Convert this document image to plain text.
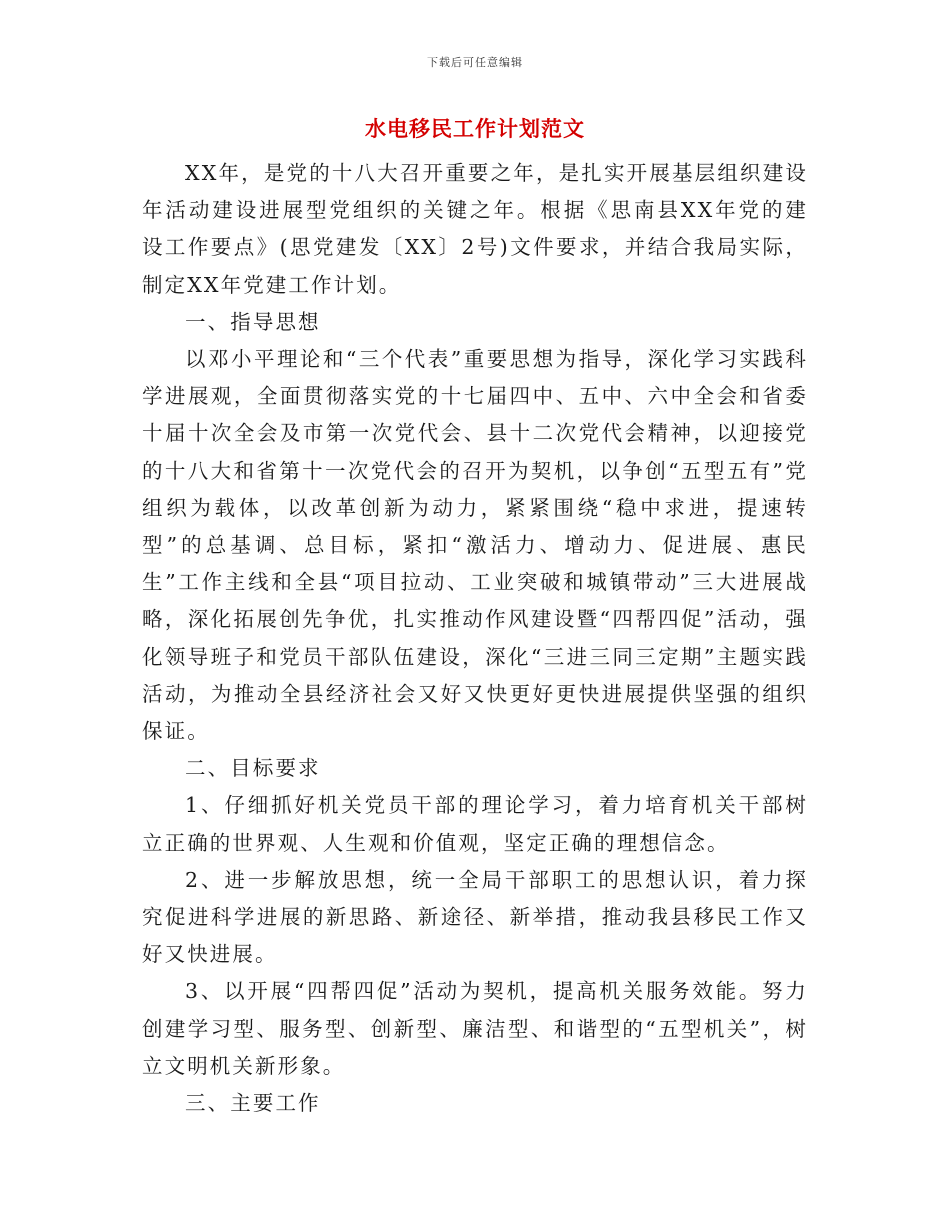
下载后可任意编辑
水电移民工作计划范文

XX年，是党的十八大召开重要之年，是扎实开展基层组织建设年活动建设进展型党组织的关键之年。根据《思南县XX年党的建设工作要点》(思党建发〔XX〕2号)文件要求，并结合我局实际，制定XX年党建工作计划。

一、指导思想

以邓小平理论和“三个代表”重要思想为指导，深化学习实践科学进展观，全面贯彻落实党的十七届四中、五中、六中全会和省委十届十次全会及市第一次党代会、县十二次党代会精神，以迎接党的十八大和省第十一次党代会的召开为契机，以争创“五型五有”党组织为载体，以改革创新为动力，紧紧围绕“稳中求进，提速转型”的总基调、总目标，紧扣“激活力、增动力、促进展、惠民生”工作主线和全县“项目拉动、工业突破和城镇带动”三大进展战略，深化拓展创先争优，扎实推动作风建设暨“四帮四促”活动，强化领导班子和党员干部队伍建设，深化“三进三同三定期”主题实践活动，为推动全县经济社会又好又快更好更快进展提供坚强的组织保证。

二、目标要求

1、仔细抓好机关党员干部的理论学习，着力培育机关干部树立正确的世界观、人生观和价值观，坚定正确的理想信念。

2、进一步解放思想，统一全局干部职工的思想认识，着力探究促进科学进展的新思路、新途径、新举措，推动我县移民工作又好又快进展。

3、以开展“四帮四促”活动为契机，提高机关服务效能。努力创建学习型、服务型、创新型、廉洁型、和谐型的“五型机关”，树立文明机关新形象。

三、主要工作
